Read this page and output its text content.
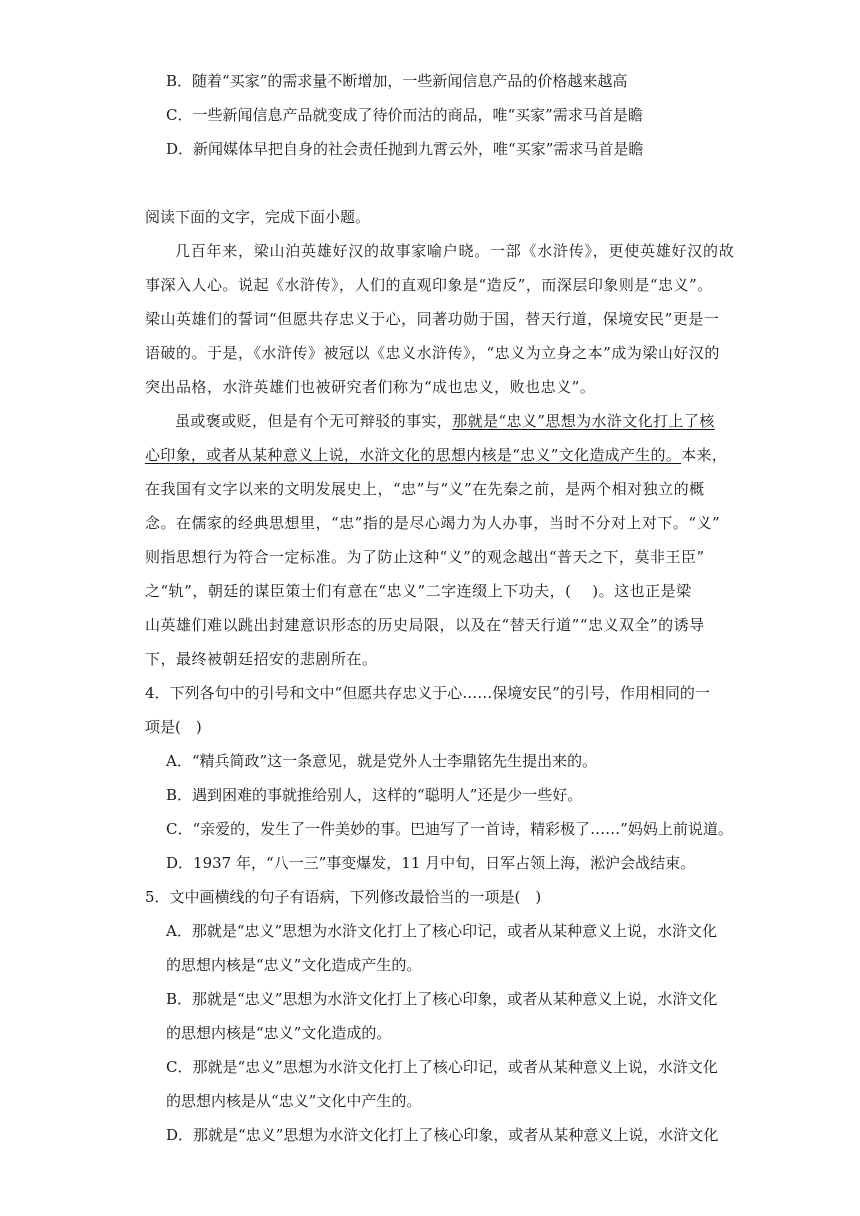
B．随着“买家”的需求量不断增加，一些新闻信息产品的价格越来越高
C．一些新闻信息产品就变成了待价而沽的商品，唯“买家”需求马首是瞻
D．新闻媒体早把自身的社会责任抛到九霄云外，唯“买家”需求马首是瞻
阅读下面的文字，完成下面小题。
几百年来，梁山泊英雄好汉的故事家喻户晓。一部《水浒传》，更使英雄好汉的故
事深入人心。说起《水浒传》，人们的直观印象是“造反”，而深层印象则是“忠义”。
梁山英雄们的誓词“但愿共存忠义于心，同著功勋于国，替天行道，保境安民”更是一
语破的。于是，《水浒传》被冠以《忠义水浒传》，“忠义为立身之本”成为梁山好汉的
突出品格，水浒英雄们也被研究者们称为“成也忠义，败也忠义”。
虽或褒或贬，但是有个无可辩驳的事实，那就是“忠义”思想为水浒文化打上了核
心印象，或者从某种意义上说，水浒文化的思想内核是“忠义”文化造成产生的。本来，
在我国有文字以来的文明发展史上，“忠”与“义”在先秦之前，是两个相对独立的概
念。在儒家的经典思想里，“忠”指的是尽心竭力为人办事，当时不分对上对下。“义”
则指思想行为符合一定标准。为了防止这种“义”的观念越出“普天之下，莫非王臣”
之“轨”，朝廷的谋臣策士们有意在“忠义”二字连缀上下功夫，(　 )。这也正是梁
山英雄们难以跳出封建意识形态的历史局限，以及在“替天行道”“忠义双全”的诱导
下，最终被朝廷招安的悲剧所在。
4．下列各句中的引号和文中“但愿共存忠义于心……保境安民”的引号，作用相同的一
项是(　)
A．“精兵简政”这一条意见，就是党外人士李鼎铭先生提出来的。
B．遇到困难的事就推给别人，这样的“聪明人”还是少一些好。
C．“亲爱的，发生了一件美妙的事。巴迪写了一首诗，精彩极了……”妈妈上前说道。
D．1937 年，“八一三”事变爆发，11 月中旬，日军占领上海，淞沪会战结束。
5．文中画横线的句子有语病，下列修改最恰当的一项是(　)
A．那就是“忠义”思想为水浒文化打上了核心印记，或者从某种意义上说，水浒文化
的思想内核是“忠义”文化造成产生的。
B．那就是“忠义”思想为水浒文化打上了核心印象，或者从某种意义上说，水浒文化
的思想内核是“忠义”文化造成的。
C．那就是“忠义”思想为水浒文化打上了核心印记，或者从某种意义上说，水浒文化
的思想内核是从“忠义”文化中产生的。
D．那就是“忠义”思想为水浒文化打上了核心印象，或者从某种意义上说，水浒文化
